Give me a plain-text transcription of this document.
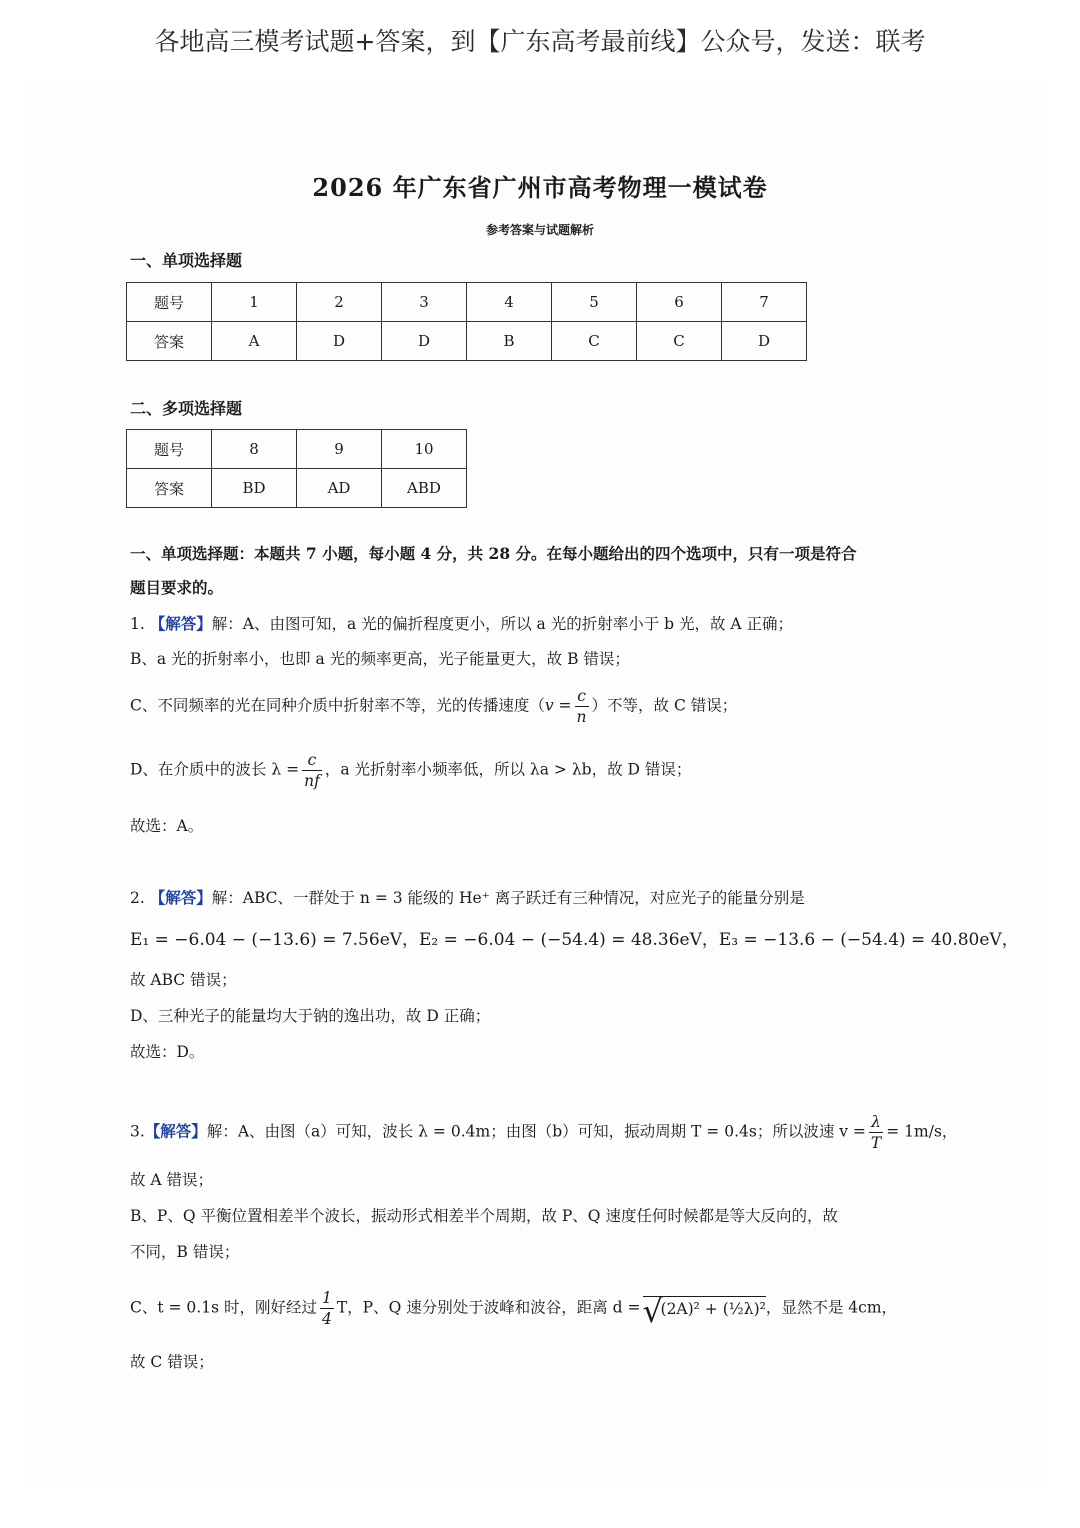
各地高三模考试题+答案，到【广东高考最前线】公众号，发送：联考
2026 年广东省广州市高考物理一模试卷
参考答案与试题解析
一、单项选择题
题号	1	2	3	4	5	6	7
答案	A	D	D	B	C	C	D
二、多项选择题
题号	8	9	10
答案	BD	AD	ABD
一、单项选择题：本题共 7 小题，每小题 4 分，共 28 分。在每小题给出的四个选项中，只有一项是符合
题目要求的。
1. 【解答】解：A、由图可知，a 光的偏折程度更小，所以 a 光的折射率小于 b 光，故 A 正确；
B、a 光的折射率小，也即 a 光的频率更高，光子能量更大，故 B 错误；
C、不同频率的光在同种介质中折射率不等，光的传播速度（$v = \frac{c}{n}$ ）不等，故 C 错误；
D、在介质中的波长 $\lambda = \frac{c}{nf}$ ，a 光折射率小频率低，所以 λa > λb，故 D 错误；
故选：A。
2. 【解答】解：ABC、一群处于 n = 3 能级的 He⁺ 离子跃迁有三种情况，对应光子的能量分别是
E₁ = −6.04 − (−13.6) = 7.56eV，E₂ = −6.04 − (−54.4) = 48.36eV，E₃ = −13.6 − (−54.4) = 40.80eV，
故 ABC 错误；
D、三种光子的能量均大于钠的逸出功，故 D 正确；
故选：D。
3.【解答】解：A、由图（a）可知，波长 λ = 0.4m；由图（b）可知，振动周期 T = 0.4s；所以波速 $v = \frac{\lambda}{T} = 1m/s$，
故 A 错误；
B、P、Q 平衡位置相差半个波长，振动形式相差半个周期，故 P、Q 速度任何时候都是等大反向的，故
不同，B 错误；
C、t = 0.1s 时，刚好经过 $\frac{1}{4}$ T，P、Q 速分别处于波峰和波谷，距离 d = √
(2A)² + (½λ)²，显然不是 4cm，
故 C 错误；
